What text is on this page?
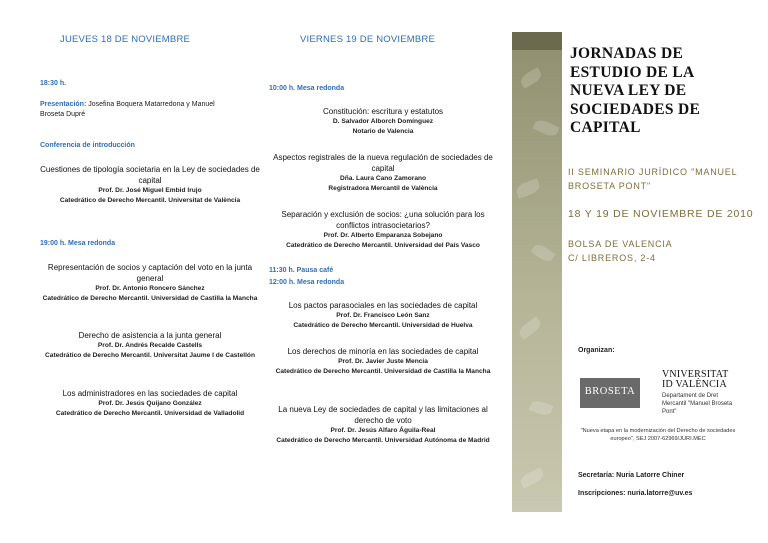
JUEVES 18 DE NOVIEMBRE
18:30 h.
Presentación: Josefina Boquera Matarredona y Manuel Broseta Dupré
Conferencia de introducción
Cuestiones de tipología societaria en la Ley de sociedades de capital
Prof. Dr. José Miguel Embid Irujo
Catedrático de Derecho Mercantil. Universitat de València
19:00 h. Mesa redonda
Representación de socios y captación del voto en la junta general
Prof. Dr. Antonio Roncero Sánchez
Catedrático de Derecho Mercantil. Universidad de Castilla la Mancha
Derecho de asistencia a la junta general
Prof. Dr. Andrés Recalde Castells
Catedrático de Derecho Mercantil. Universitat Jaume I de Castellón
Los administradores en las sociedades de capital
Prof. Dr. Jesús Quijano González
Catedrático de Derecho Mercantil. Universidad de Valladolid
VIERNES 19 DE NOVIEMBRE
10:00 h. Mesa redonda
Constitución: escritura y estatutos
D. Salvador Alborch Domínguez
Notario de Valencia
Aspectos registrales de la nueva regulación de sociedades de capital
Dña. Laura Cano Zamorano
Registradora Mercantil de València
Separación y exclusión de socios: ¿una solución para los conflictos intrasocietarios?
Prof. Dr. Alberto Emparanza Sobejano
Catedrático de Derecho Mercantil. Universidad del País Vasco
11:30 h. Pausa café
12:00 h. Mesa redonda
Los pactos parasociales en las sociedades de capital
Prof. Dr. Francisco León Sanz
Catedrático de Derecho Mercantil. Universidad de Huelva
Los derechos de minoría en las sociedades de capital
Prof. Dr. Javier Juste Mencía
Catedrático de Derecho Mercantil. Universidad de Castilla la Mancha
La nueva Ley de sociedades de capital y las limitaciones al derecho de voto
Prof. Dr. Jesús Alfaro Águila-Real
Catedrático de Derecho Mercantil. Universidad Autónoma de Madrid
JORNADAS DE
ESTUDIO DE LA
NUEVA LEY DE
SOCIEDADES DE
CAPITAL
II SEMINARIO JURÍDICO "MANUEL
BROSETA PONT"
18 Y 19 DE NOVIEMBRE DE 2010
BOLSA DE VALENCIA
C/ LIBREROS, 2-4
Organizan:
BROSETA
VNIVERSITAT
ID VALÈNCIA
Departament de Dret Mercantil "Manuel Broseta Pont"
"Nueva etapa en la modernización del Derecho de sociedades europeo", SEJ 2007-62969/JURI.MEC
Secretaría: Nuria Latorre Chiner
Inscripciones: nuria.latorre@uv.es
